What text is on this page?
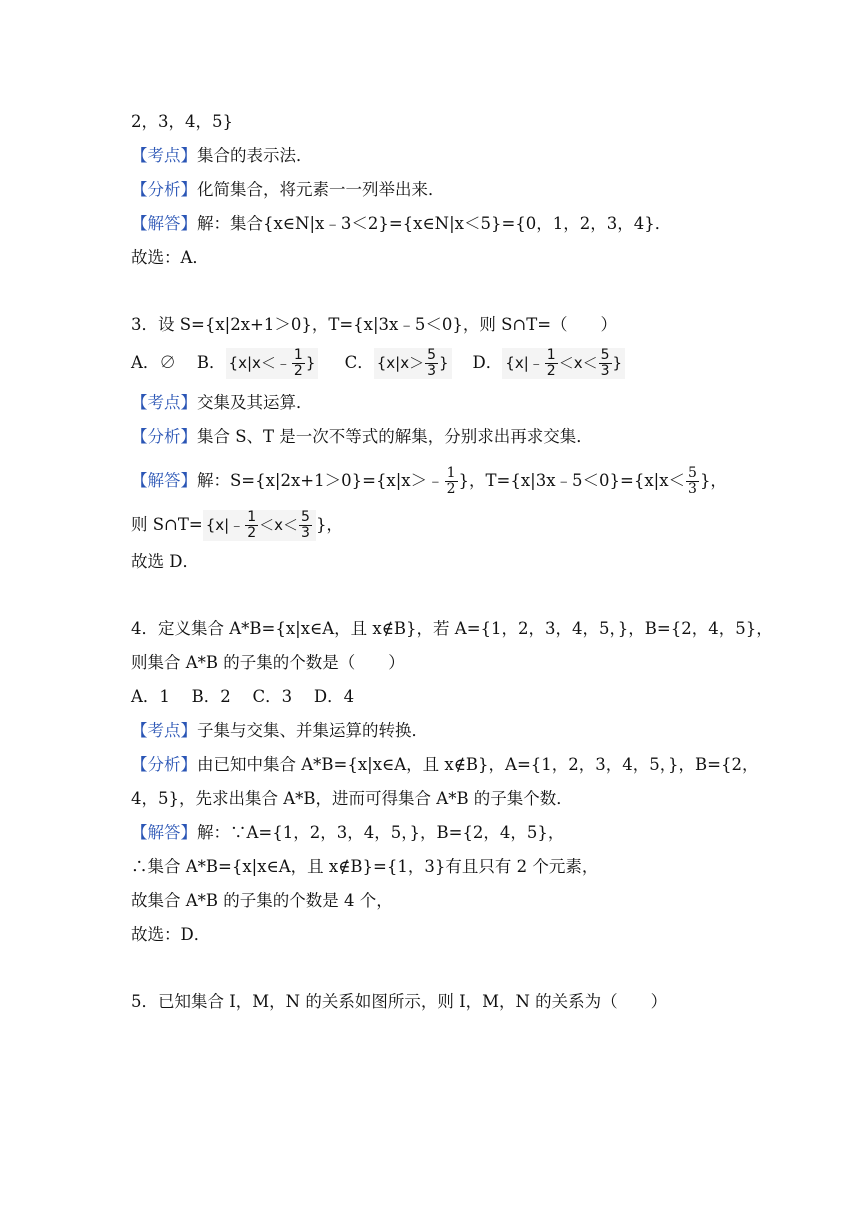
2，3，4，5}
【考点】集合的表示法．
【分析】化简集合，将元素一一列举出来．
【解答】解：集合{x∈N|x﹣3＜2}={x∈N|x＜5}={0，1，2，3，4}．
故选：A．
3．设 S={x|2x+1＞0}，T={x|3x﹣5＜0}，则 S∩T=（　　）
A．∅ B． {x|x＜﹣ $\frac{1}{2}$ } C． {$x|x> \frac{5}{3}$ } D． {x|﹣ $\frac{1}{2} <x< \frac{5}{3}$ }
【考点】交集及其运算．
【分析】集合 S、T 是一次不等式的解集，分别求出再求交集．
【解答】解：S={x|2x+1＞0}={x|x＞﹣ $\frac{1}{2}$ }，T={x|3x﹣5＜0}={x|x＜ $\frac{5}{3}$ }，
则 S∩T= {x|﹣ $\frac{1}{2} <x< \frac{5}{3}$ }，
故选 D．
4．定义集合 A*B={x|x∈A，且 x∉B}，若 A={1，2，3，4，5，}，B={2，4，5}，
则集合 A*B 的子集的个数是（　　）
A．1　 B．2　 C．3　 D．4
【考点】子集与交集、并集运算的转换．
【分析】由已知中集合 A*B={x|x∈A，且 x∉B}，A={1，2，3，4，5，}，B={2，
4，5}，先求出集合 A*B，进而可得集合 A*B 的子集个数．
【解答】解：∵A={1，2，3，4，5，}，B={2，4，5}，
∴集合 A*B={x|x∈A，且 x∉B}={1，3}有且只有 2 个元素，
故集合 A*B 的子集的个数是 4 个，
故选：D．
5．已知集合 I，M，N 的关系如图所示，则 I，M，N 的关系为（　　）
